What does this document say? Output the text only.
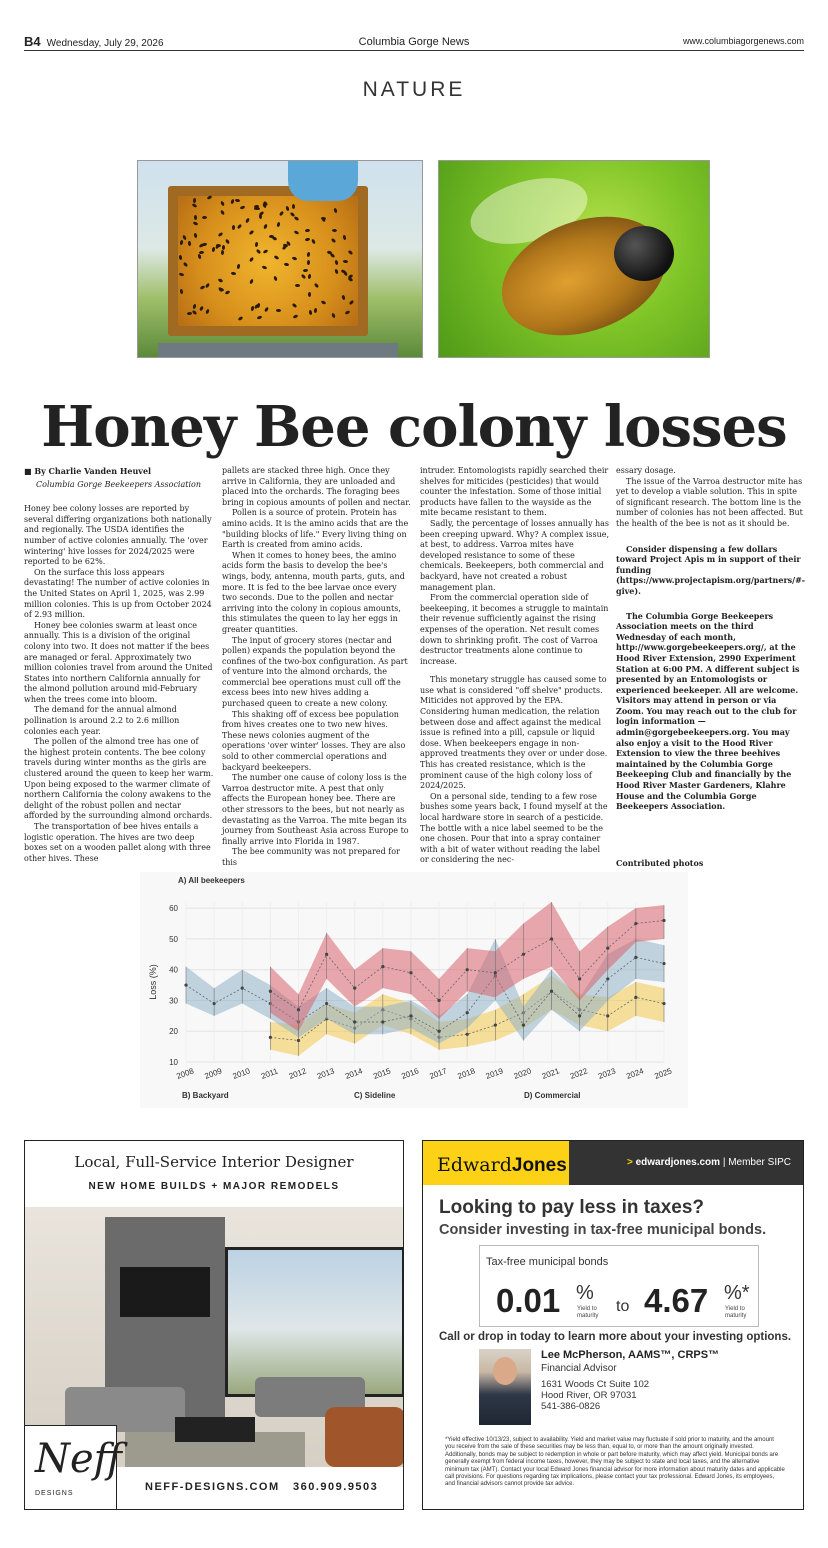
B4 Wednesday, July 29, 2026	Columbia Gorge News	www.columbiagorgenews.com
NATURE
Honey Bee colony losses
■ By Charlie Vanden Heuvel
Columbia Gorge Beekeepers Association

Honey bee colony losses are reported by several differing organizations both nationally and regionally. The USDA identifies the number of active colonies annually. The 'over wintering' hive losses for 2024/2025 were reported to be 62%.

On the surface this loss appears devastating! The number of active colonies in the United States on April 1, 2025, was 2.99 million colonies. This is up from October 2024 of 2.93 million.

Honey bee colonies swarm at least once annually. This is a division of the original colony into two. It does not matter if the bees are managed or feral. Approximately two million colonies travel from around the United States into northern California annually for the almond pollution around mid-February when the trees come into bloom.

The demand for the annual almond pollination is around 2.2 to 2.6 million colonies each year.

The pollen of the almond tree has one of the highest protein contents. The bee colony travels during winter months as the girls are clustered around the queen to keep her warm. Upon being exposed to the warmer climate of northern California the colony awakens to the delight of the robust pollen and nectar afforded by the surrounding almond orchards.

The transportation of bee hives entails a logistic operation. The hives are two deep boxes set on a wooden pallet along with three other hives. These

pallets are stacked three high. Once they arrive in California, they are unloaded and placed into the orchards. The foraging bees bring in copious amounts of pollen and nectar.

Pollen is a source of protein. Protein has amino acids. It is the amino acids that are the "building blocks of life." Every living thing on Earth is created from amino acids.

When it comes to honey bees, the amino acids form the basis to develop the bee's wings, body, antenna, mouth parts, guts, and more. It is fed to the bee larvae once every two seconds. Due to the pollen and nectar arriving into the colony in copious amounts, this stimulates the queen to lay her eggs in greater quantities.

The input of grocery stores (nectar and pollen) expands the population beyond the confines of the two-box configuration. As part of venture into the almond orchards, the commercial bee operations must cull off the excess bees into new hives adding a purchased queen to create a new colony.

This shaking off of excess bee population from hives creates one to two new hives. These news colonies augment of the operations 'over winter' losses. They are also sold to other commercial operations and backyard beekeepers.

The number one cause of colony loss is the Varroa destructor mite. A pest that only affects the European honey bee. There are other stressors to the bees, but not nearly as devastating as the Varroa. The mite began its journey from Southeast Asia across Europe to finally arrive into Florida in 1987.

The bee community was not prepared for this

intruder. Entomologists rapidly searched their shelves for miticides (pesticides) that would counter the infestation. Some of those initial products have fallen to the wayside as the mite became resistant to them.

Sadly, the percentage of losses annually has been creeping upward. Why? A complex issue, at best, to address. Varroa mites have developed resistance to some of these chemicals. Beekeepers, both commercial and backyard, have not created a robust management plan.

From the commercial operation side of beekeeping, it becomes a struggle to maintain their revenue sufficiently against the rising expenses of the operation. Net result comes down to shrinking profit. The cost of Varroa destructor treatments alone continue to increase.

This monetary struggle has caused some to use what is considered "off shelve" products. Miticides not approved by the EPA. Considering human medication, the relation between dose and affect against the medical issue is refined into a pill, capsule or liquid dose. When beekeepers engage in non-approved treatments they over or under dose. This has created resistance, which is the prominent cause of the high colony loss of 2024/2025.

On a personal side, tending to a few rose bushes some years back, I found myself at the local hardware store in search of a pesticide. The bottle with a nice label seemed to be the one chosen. Pour that into a spray container with a bit of water without reading the label or considering the nec-

essary dosage.

The issue of the Varroa destructor mite has yet to develop a viable solution. This in spite of significant research. The bottom line is the number of colonies has not been affected. But the health of the bee is not as it should be.

Consider dispensing a few dollars toward Project Apis m in support of their funding (https://www.projectapism.org/partners/#-give).

The Columbia Gorge Beekeepers Association meets on the third Wednesday of each month, http://www.gorgebeekeepers.org/, at the Hood River Extension, 2990 Experiment Station at 6:00 PM. A different subject is presented by an Entomologists or experienced beekeeper. All are welcome. Visitors may attend in person or via Zoom. You may reach out to the club for login information — admin@gorgebeekeepers.org. You may also enjoy a visit to the Hood River Extension to view the three beehives maintained by the Columbia Gorge Beekeeping Club and financially by the Hood River Master Gardeners, Klahre House and the Columbia Gorge Beekeepers Association.

Contributed photos
10
20
30
40
50
60
2008 2009 2010 2011 2012 2013 2014 2015 2016 2017 2018 2019 2020 2021 2022 2023 2024 2025
A) All beekeepers
Loss (%)
B) Backyard	C) Sideline	D) Commercial
Local, Full-Service Interior Designer
NEW HOME BUILDS + MAJOR REMODELS
Neff
DESIGNS
NEFF-DESIGNS.COM 360.909.9503
EdwardJones	> edwardjones.com | Member SIPC
Looking to pay less in taxes?
Consider investing in tax-free municipal bonds.
Tax-free municipal bonds
0.01 %
Yield to maturity
to 4.67 %*
Yield to maturity
Call or drop in today to learn more about your investing options.
Lee McPherson, AAMS™, CRPS™
Financial Advisor
1631 Woods Ct Suite 102
Hood River, OR 97031
541-386-0826
*Yield effective 10/13/23, subject to availability. Yield and market value may fluctuate if sold prior to maturity, and the amount you receive from the sale of these securities may be less than, equal to, or more than the amount originally invested. Additionally, bonds may be subject to redemption in whole or part before maturity, which may affect yield. Municipal bonds are generally exempt from federal income taxes, however, they may be subject to state and local taxes, and the alternative minimum tax (AMT). Contact your local Edward Jones financial advisor for more information about maturity dates and applicable call provisions. For questions regarding tax implications, please contact your tax professional. Edward Jones, its employees, and financial advisors cannot provide tax advice.
